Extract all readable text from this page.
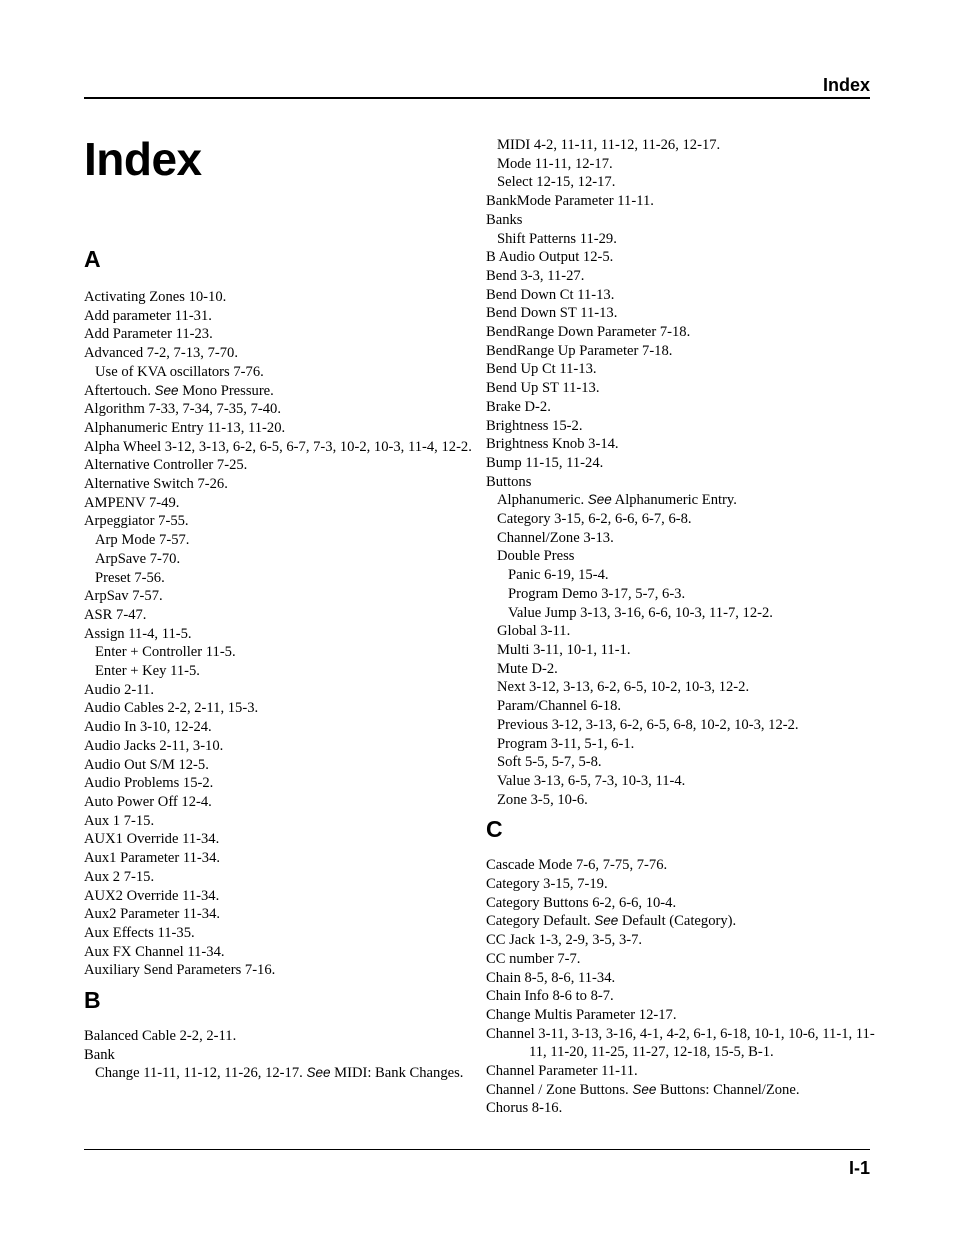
Index
Index
A
Activating Zones 10-10.
Add parameter 11-31.
Add Parameter 11-23.
Advanced 7-2, 7-13, 7-70.
Use of KVA oscillators 7-76.
Aftertouch. See Mono Pressure.
Algorithm 7-33, 7-34, 7-35, 7-40.
Alphanumeric Entry 11-13, 11-20.
Alpha Wheel 3-12, 3-13, 6-2, 6-5, 6-7, 7-3, 10-2, 10-3, 11-4, 12-2.
Alternative Controller 7-25.
Alternative Switch 7-26.
AMPENV 7-49.
Arpeggiator 7-55.
Arp Mode 7-57.
ArpSave 7-70.
Preset 7-56.
ArpSav 7-57.
ASR 7-47.
Assign 11-4, 11-5.
Enter + Controller 11-5.
Enter + Key 11-5.
Audio 2-11.
Audio Cables 2-2, 2-11, 15-3.
Audio In 3-10, 12-24.
Audio Jacks 2-11, 3-10.
Audio Out S/M 12-5.
Audio Problems 15-2.
Auto Power Off 12-4.
Aux 1 7-15.
AUX1 Override 11-34.
Aux1 Parameter 11-34.
Aux 2 7-15.
AUX2 Override 11-34.
Aux2 Parameter 11-34.
Aux Effects 11-35.
Aux FX Channel 11-34.
Auxiliary Send Parameters 7-16.
B
Balanced Cable 2-2, 2-11.
Bank
Change 11-11, 11-12, 11-26, 12-17. See MIDI: Bank Changes.
MIDI 4-2, 11-11, 11-12, 11-26, 12-17.
Mode 11-11, 12-17.
Select 12-15, 12-17.
BankMode Parameter 11-11.
Banks
Shift Patterns 11-29.
B Audio Output 12-5.
Bend 3-3, 11-27.
Bend Down Ct 11-13.
Bend Down ST 11-13.
BendRange Down Parameter 7-18.
BendRange Up Parameter 7-18.
Bend Up Ct 11-13.
Bend Up ST 11-13.
Brake D-2.
Brightness 15-2.
Brightness Knob 3-14.
Bump 11-15, 11-24.
Buttons
Alphanumeric. See Alphanumeric Entry.
Category 3-15, 6-2, 6-6, 6-7, 6-8.
Channel/Zone 3-13.
Double Press
Panic 6-19, 15-4.
Program Demo 3-17, 5-7, 6-3.
Value Jump 3-13, 3-16, 6-6, 10-3, 11-7, 12-2.
Global 3-11.
Multi 3-11, 10-1, 11-1.
Mute D-2.
Next 3-12, 3-13, 6-2, 6-5, 10-2, 10-3, 12-2.
Param/Channel 6-18.
Previous 3-12, 3-13, 6-2, 6-5, 6-8, 10-2, 10-3, 12-2.
Program 3-11, 5-1, 6-1.
Soft 5-5, 5-7, 5-8.
Value 3-13, 6-5, 7-3, 10-3, 11-4.
Zone 3-5, 10-6.
C
Cascade Mode 7-6, 7-75, 7-76.
Category 3-15, 7-19.
Category Buttons 6-2, 6-6, 10-4.
Category Default. See Default (Category).
CC Jack 1-3, 2-9, 3-5, 3-7.
CC number 7-7.
Chain 8-5, 8-6, 11-34.
Chain Info 8-6 to 8-7.
Change Multis Parameter 12-17.
Channel 3-11, 3-13, 3-16, 4-1, 4-2, 6-1, 6-18, 10-1, 10-6, 11-1, 11-11, 11-20, 11-25, 11-27, 12-18, 15-5, B-1.
Channel Parameter 11-11.
Channel / Zone Buttons. See Buttons: Channel/Zone.
Chorus 8-16.
I-1
